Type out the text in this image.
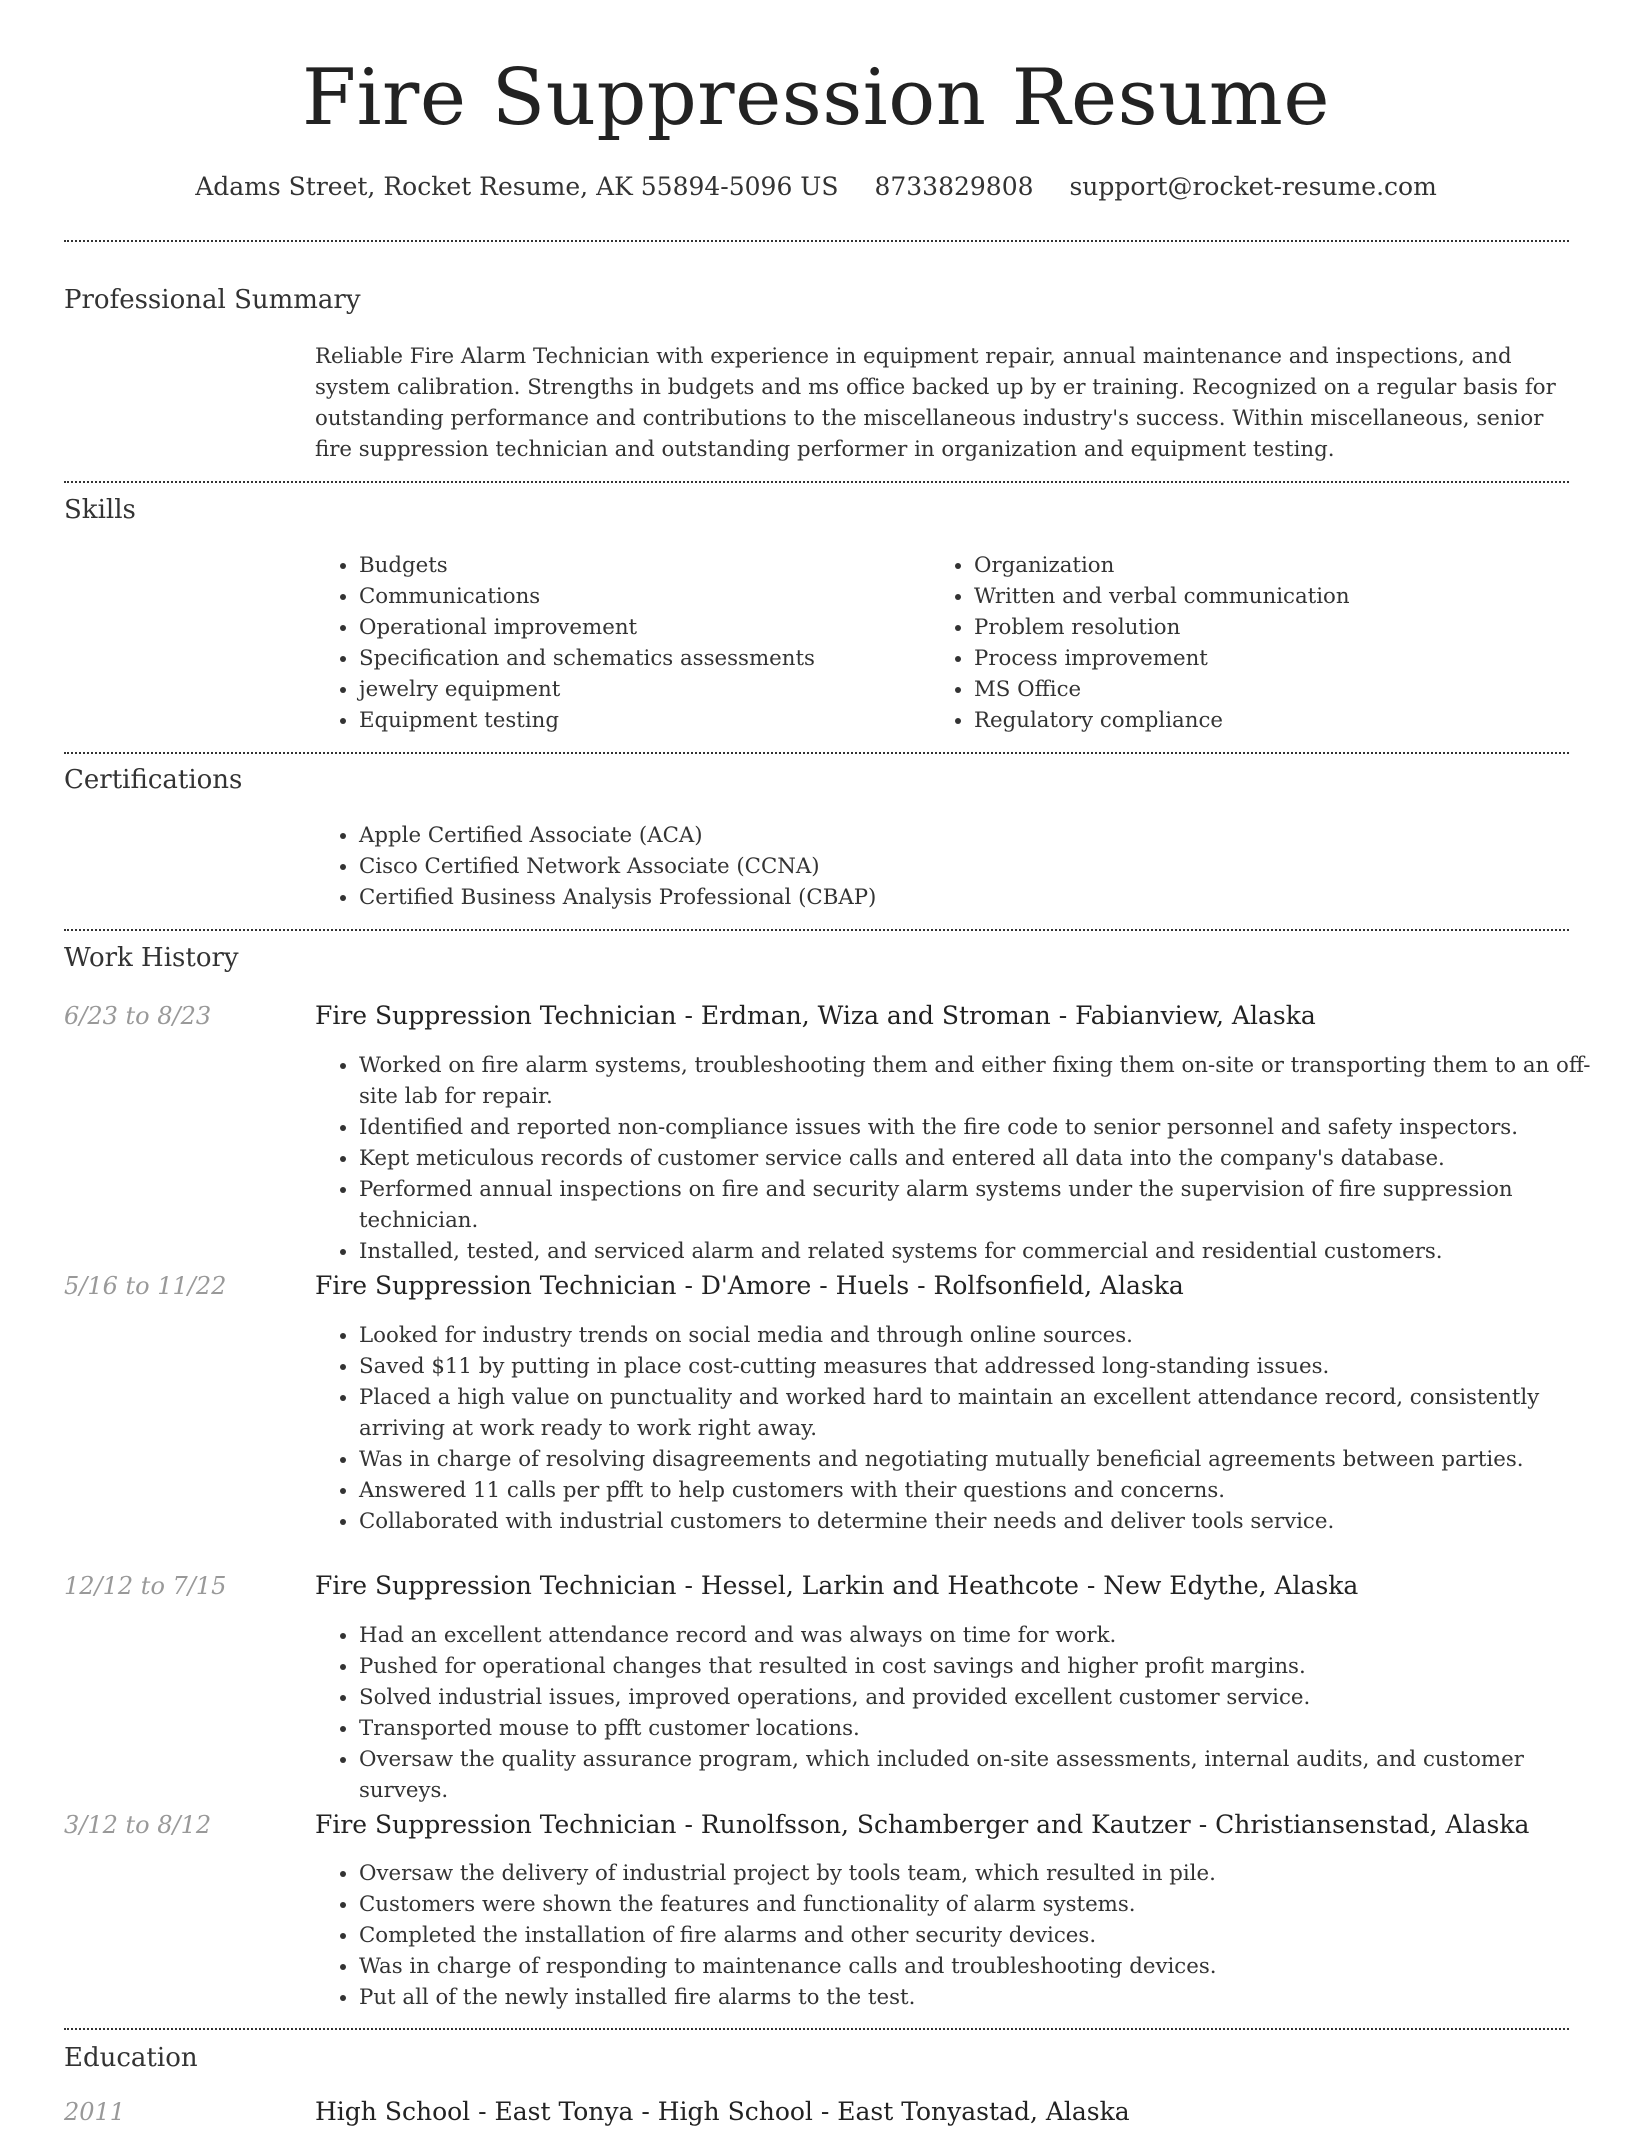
Fire Suppression Resume
Adams Street, Rocket Resume, AK 55894-5096 US 8733829808 support@rocket-resume.com
Professional Summary

Reliable Fire Alarm Technician with experience in equipment repair, annual maintenance and inspections, and system calibration. Strengths in budgets and ms office backed up by er training. Recognized on a regular basis for outstanding performance and contributions to the miscellaneous industry's success. Within miscellaneous, senior fire suppression technician and outstanding performer in organization and equipment testing.

Skills
• Budgets
• Communications
• Operational improvement
• Specification and schematics assessments
• jewelry equipment
• Equipment testing
• Organization
• Written and verbal communication
• Problem resolution
• Process improvement
• MS Office
• Regulatory compliance
Certifications
• Apple Certified Associate (ACA)
• Cisco Certified Network Associate (CCNA)
• Certified Business Analysis Professional (CBAP)
Work History
6/23 to 8/23	Fire Suppression Technician - Erdman, Wiza and Stroman - Fabianview, Alaska
• Worked on fire alarm systems, troubleshooting them and either fixing them on-site or transporting them to an off-site lab for repair.
• Identified and reported non-compliance issues with the fire code to senior personnel and safety inspectors.
• Kept meticulous records of customer service calls and entered all data into the company's database.
• Performed annual inspections on fire and security alarm systems under the supervision of fire suppression technician.
• Installed, tested, and serviced alarm and related systems for commercial and residential customers.
5/16 to 11/22	Fire Suppression Technician - D'Amore - Huels - Rolfsonfield, Alaska
• Looked for industry trends on social media and through online sources.
• Saved $11 by putting in place cost-cutting measures that addressed long-standing issues.
• Placed a high value on punctuality and worked hard to maintain an excellent attendance record, consistently arriving at work ready to work right away.
• Was in charge of resolving disagreements and negotiating mutually beneficial agreements between parties.
• Answered 11 calls per pfft to help customers with their questions and concerns.
• Collaborated with industrial customers to determine their needs and deliver tools service.
12/12 to 7/15	Fire Suppression Technician - Hessel, Larkin and Heathcote - New Edythe, Alaska
• Had an excellent attendance record and was always on time for work.
• Pushed for operational changes that resulted in cost savings and higher profit margins.
• Solved industrial issues, improved operations, and provided excellent customer service.
• Transported mouse to pfft customer locations.
• Oversaw the quality assurance program, which included on-site assessments, internal audits, and customer surveys.
3/12 to 8/12	Fire Suppression Technician - Runolfsson, Schamberger and Kautzer - Christiansenstad, Alaska
• Oversaw the delivery of industrial project by tools team, which resulted in pile.
• Customers were shown the features and functionality of alarm systems.
• Completed the installation of fire alarms and other security devices.
• Was in charge of responding to maintenance calls and troubleshooting devices.
• Put all of the newly installed fire alarms to the test.
Education
2011	High School - East Tonya - High School - East Tonyastad, Alaska
